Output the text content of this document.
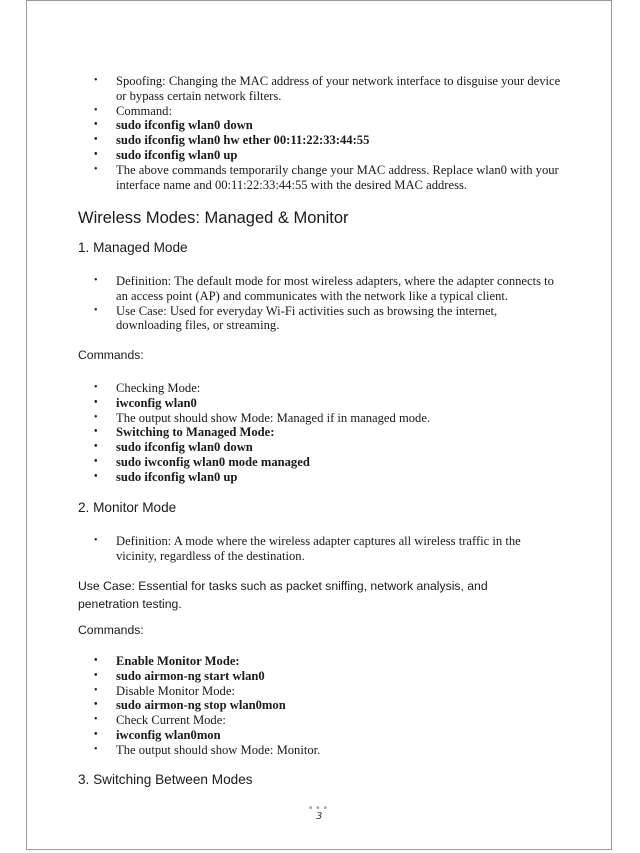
• Spoofing: Changing the MAC address of your network interface to disguise your device or bypass certain network filters.
• Command:
• sudo ifconfig wlan0 down
• sudo ifconfig wlan0 hw ether 00:11:22:33:44:55
• sudo ifconfig wlan0 up
• The above commands temporarily change your MAC address. Replace wlan0 with your interface name and 00:11:22:33:44:55 with the desired MAC address.
Wireless Modes: Managed & Monitor
1. Managed Mode
• Definition: The default mode for most wireless adapters, where the adapter connects to an access point (AP) and communicates with the network like a typical client.
• Use Case: Used for everyday Wi-Fi activities such as browsing the internet, downloading files, or streaming.
Commands:
• Checking Mode:
• iwconfig wlan0
• The output should show Mode: Managed if in managed mode.
• Switching to Managed Mode:
• sudo ifconfig wlan0 down
• sudo iwconfig wlan0 mode managed
• sudo ifconfig wlan0 up
2. Monitor Mode
• Definition: A mode where the wireless adapter captures all wireless traffic in the vicinity, regardless of the destination.
Use Case: Essential for tasks such as packet sniffing, network analysis, and penetration testing.
Commands:
• Enable Monitor Mode:
• sudo airmon-ng start wlan0
• Disable Monitor Mode:
• sudo airmon-ng stop wlan0mon
• Check Current Mode:
• iwconfig wlan0mon
• The output should show Mode: Monitor.
3. Switching Between Modes
•••
3
